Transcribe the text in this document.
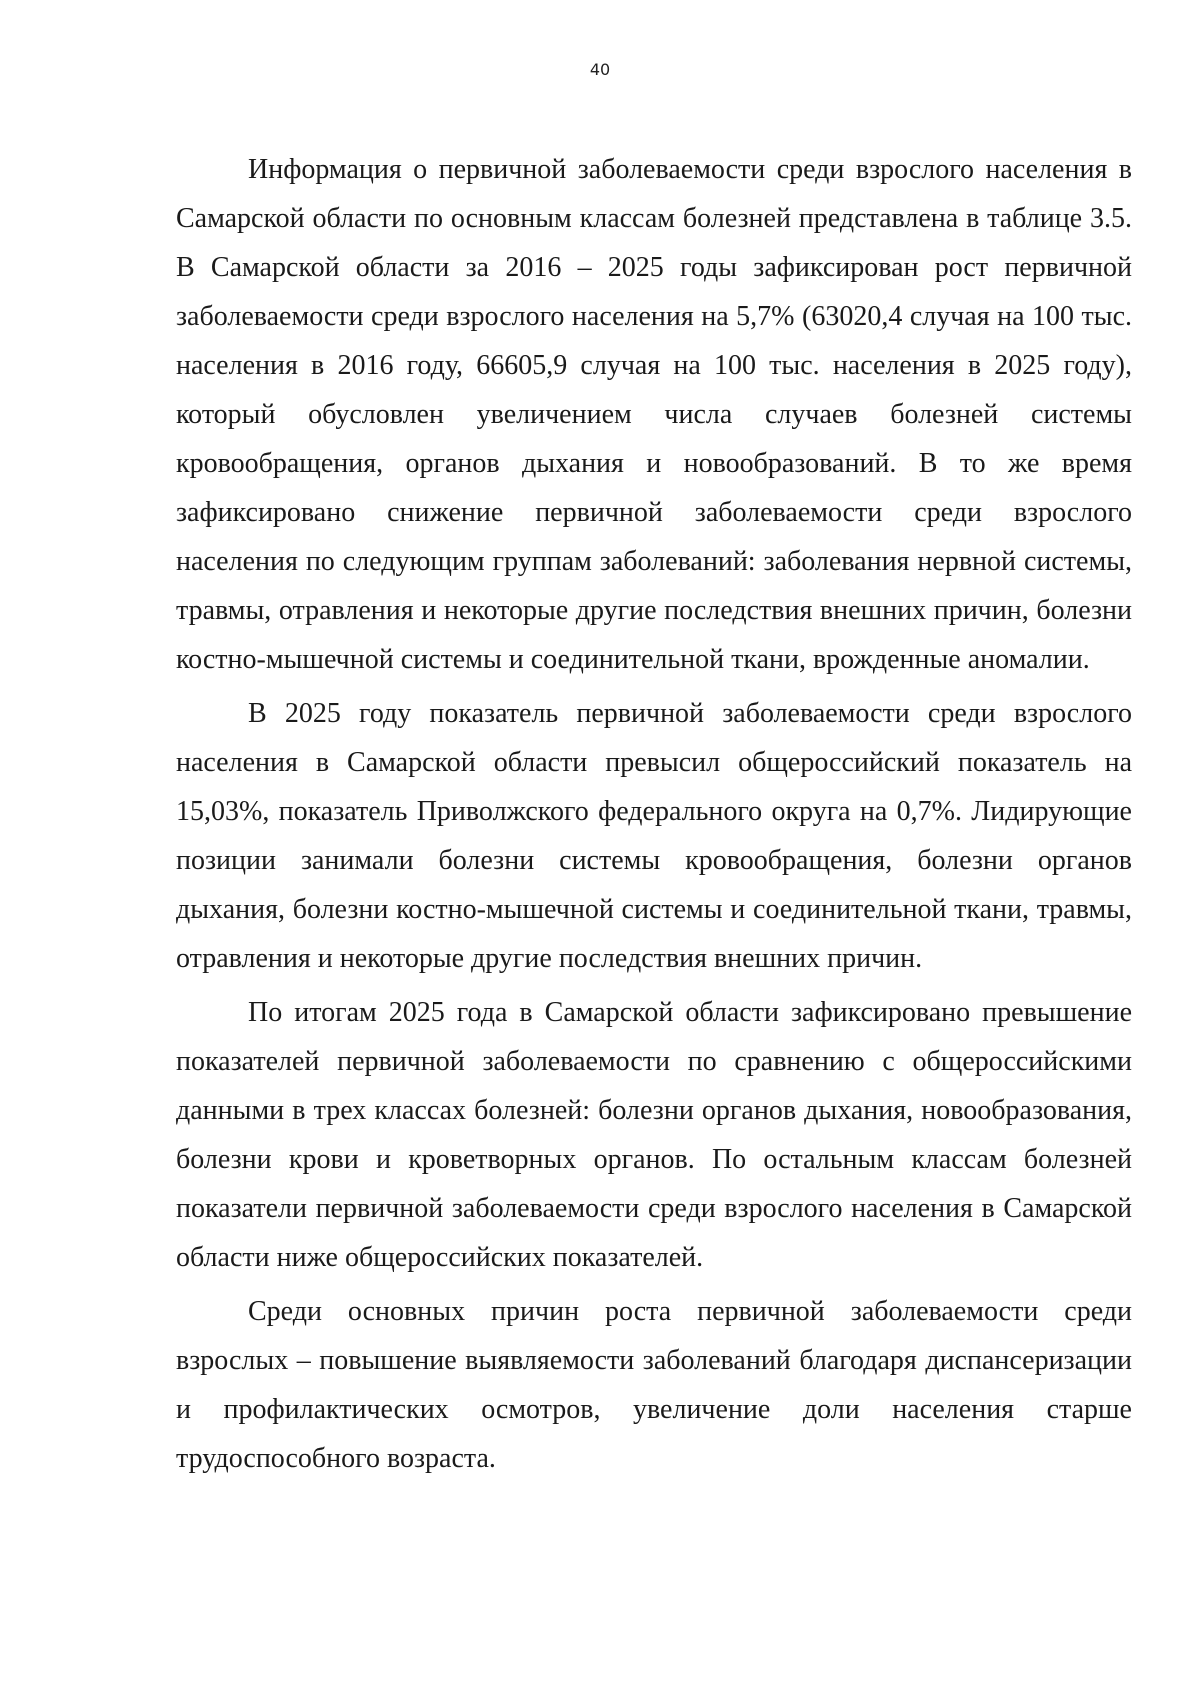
40

Информация о первичной заболеваемости среди взрослого населения в Самарской области по основным классам болезней представлена в таблице 3.5. В Самарской области за 2016 – 2025 годы зафиксирован рост первичной заболеваемости среди взрослого населения на 5,7% (63020,4 случая на 100 тыс. населения в 2016 году, 66605,9 случая на 100 тыс. населения в 2025 году), который обусловлен увеличением числа случаев болезней системы кровообращения, органов дыхания и новообразований. В то же время зафиксировано снижение первичной заболеваемости среди взрослого населения по следующим группам заболеваний: заболевания нервной системы, травмы, отравления и некоторые другие последствия внешних причин, болезни костно-мышечной системы и соединительной ткани, врожденные аномалии.

В 2025 году показатель первичной заболеваемости среди взрослого населения в Самарской области превысил общероссийский показатель на 15,03%, показатель Приволжского федерального округа на 0,7%. Лидирующие позиции занимали болезни системы кровообращения, болезни органов дыхания, болезни костно-мышечной системы и соединительной ткани, травмы, отравления и некоторые другие последствия внешних причин.

По итогам 2025 года в Самарской области зафиксировано превышение показателей первичной заболеваемости по сравнению с общероссийскими данными в трех классах болезней: болезни органов дыхания, новообразования, болезни крови и кроветворных органов. По остальным классам болезней показатели первичной заболеваемости среди взрослого населения в Самарской области ниже общероссийских показателей.

Среди основных причин роста первичной заболеваемости среди взрослых – повышение выявляемости заболеваний благодаря диспансеризации и профилактических осмотров, увеличение доли населения старше трудоспособного возраста.
